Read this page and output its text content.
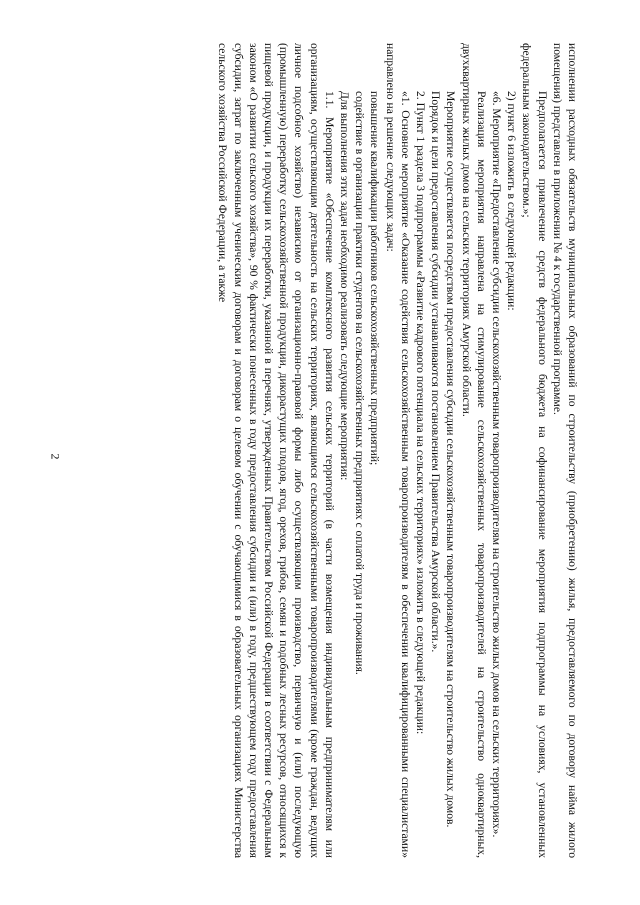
2	исполнении расходных обязательств муниципальных образований по строительству (приобретению) жилья, предоставляемого по договору найма жилого помещения) представлен в приложении № 4 к государственной программе.

Предполагается привлечение средств федерального бюджета на софинансирование мероприятия подпрограммы на условиях, установленных федеральным законодательством.»;

2) пункт 6 изложить в следующей редакции:

«6. Мероприятие «Предоставление субсидии сельскохозяйственным товаропроизводителям на строительство жилых домов на сельских территориях».

Реализация мероприятия направлена на стимулирование сельскохозяйственных товаропроизводителей на строительство одноквартирных, двухквартирных жилых домов на сельских территориях Амурской области.

Мероприятие осуществляется посредством предоставления субсидии сельскохозяйственным товаропроизводителям на строительство жилых домов.

Порядок и цели предоставления субсидии устанавливаются постановлением Правительства Амурской области.».

2. Пункт 1 раздела 3 подпрограммы «Развитие кадрового потенциала на сельских территориях» изложить в следующей редакции:

«1. Основное мероприятие «Оказание содействия сельскохозяйственным товаропроизводителям в обеспечении квалифицированными специалистами» направлено на решение следующих задач:

повышение квалификации работников сельскохозяйственных предприятий;

содействие в организации практики студентов на сельскохозяйственных предприятиях с оплатой труда и проживания.

Для выполнения этих задач необходимо реализовать следующие мероприятия:

1.1. Мероприятие «Обеспечение комплексного развития сельских территорий (в части возмещения индивидуальным предпринимателям или организациям, осуществляющим деятельность на сельских территориях, являющимся сельскохозяйственными товаропроизводителями (кроме граждан, ведущих личное подсобное хозяйство) независимо от организационно-правовой формы либо осуществляющим производство, первичную и (или) последующую (промышленную) переработку сельскохозяйственной продукции, дикорастущих плодов, ягод, орехов, грибов, семян и подобных лесных ресурсов, относящихся к пищевой продукции, и продукции их переработки, указанной в перечнях, утвержденных Правительством Российской Федерации в соответствии с Федеральным законом «О развитии сельского хозяйства», 90 % фактически понесенных в году предоставления субсидии и (или) в году, предшествующем году предоставления субсидии, затрат по заключенным ученическим договорам и договорам о целевом обучении с обучающимися в образовательных организациях Министерства сельского хозяйства Российской Федерации, а также
